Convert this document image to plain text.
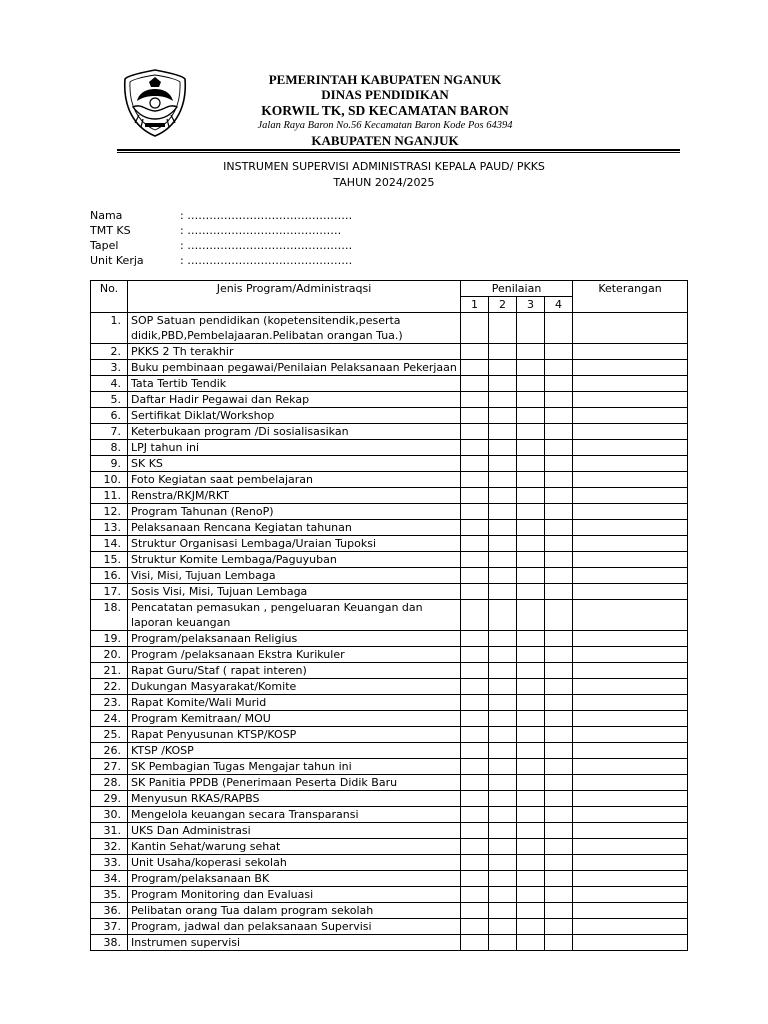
PEMERINTAH KABUPATEN NGANUK
DINAS PENDIDIKAN
KORWIL TK, SD KECAMATAN BARON
Jalan Raya Baron No.56 Kecamatan Baron Kode Pos 64394
KABUPATEN NGANJUK
INSTRUMEN SUPERVISI ADMINISTRASI KEPALA PAUD/ PKKS
TAHUN 2024/2025
Nama	: ………………………………………
TMT KS	: ……………………………………
Tapel	: ………………………………………
Unit Kerja	: ………………………………………
No.	Jenis Program/Administraqsi	Penilaian				Keterangan
		1	2	3	4	
1.	SOP Satuan pendidikan (kopetensitendik,peserta didik,PBD,Pembelajaaran.Pelibatan orangan Tua.)					
2.	PKKS 2 Th terakhir					
3.	Buku pembinaan pegawai/Penilaian Pelaksanaan Pekerjaan					
4.	Tata Tertib Tendik					
5.	Daftar Hadir Pegawai dan Rekap					
6.	Sertifikat Diklat/Workshop					
7.	Keterbukaan program /Di sosialisasikan					
8.	LPJ tahun ini					
9.	SK KS					
10.	Foto Kegiatan saat pembelajaran					
11.	Renstra/RKJM/RKT					
12.	Program Tahunan (RenoP)					
13.	Pelaksanaan Rencana Kegiatan tahunan					
14.	Struktur Organisasi Lembaga/Uraian Tupoksi					
15.	Struktur Komite Lembaga/Paguyuban					
16.	Visi, Misi, Tujuan Lembaga					
17.	Sosis Visi, Misi, Tujuan Lembaga					
18.	Pencatatan pemasukan , pengeluaran Keuangan dan laporan keuangan					
19.	Program/pelaksanaan Religius					
20.	Program /pelaksanaan Ekstra Kurikuler					
21.	Rapat Guru/Staf ( rapat interen)					
22.	Dukungan Masyarakat/Komite					
23.	Rapat Komite/Wali Murid					
24.	Program Kemitraan/ MOU					
25.	Rapat Penyusunan KTSP/KOSP					
26.	KTSP /KOSP					
27.	SK Pembagian Tugas Mengajar tahun ini					
28.	SK Panitia PPDB (Penerimaan Peserta Didik Baru					
29.	Menyusun RKAS/RAPBS					
30.	Mengelola keuangan secara Transparansi					
31.	UKS Dan Administrasi					
32.	Kantin Sehat/warung sehat					
33.	Unit Usaha/koperasi sekolah					
34.	Program/pelaksanaan BK					
35.	Program Monitoring dan Evaluasi					
36.	Pelibatan orang Tua dalam program sekolah					
37.	Program, jadwal dan pelaksanaan Supervisi					
38.	Instrumen supervisi					
